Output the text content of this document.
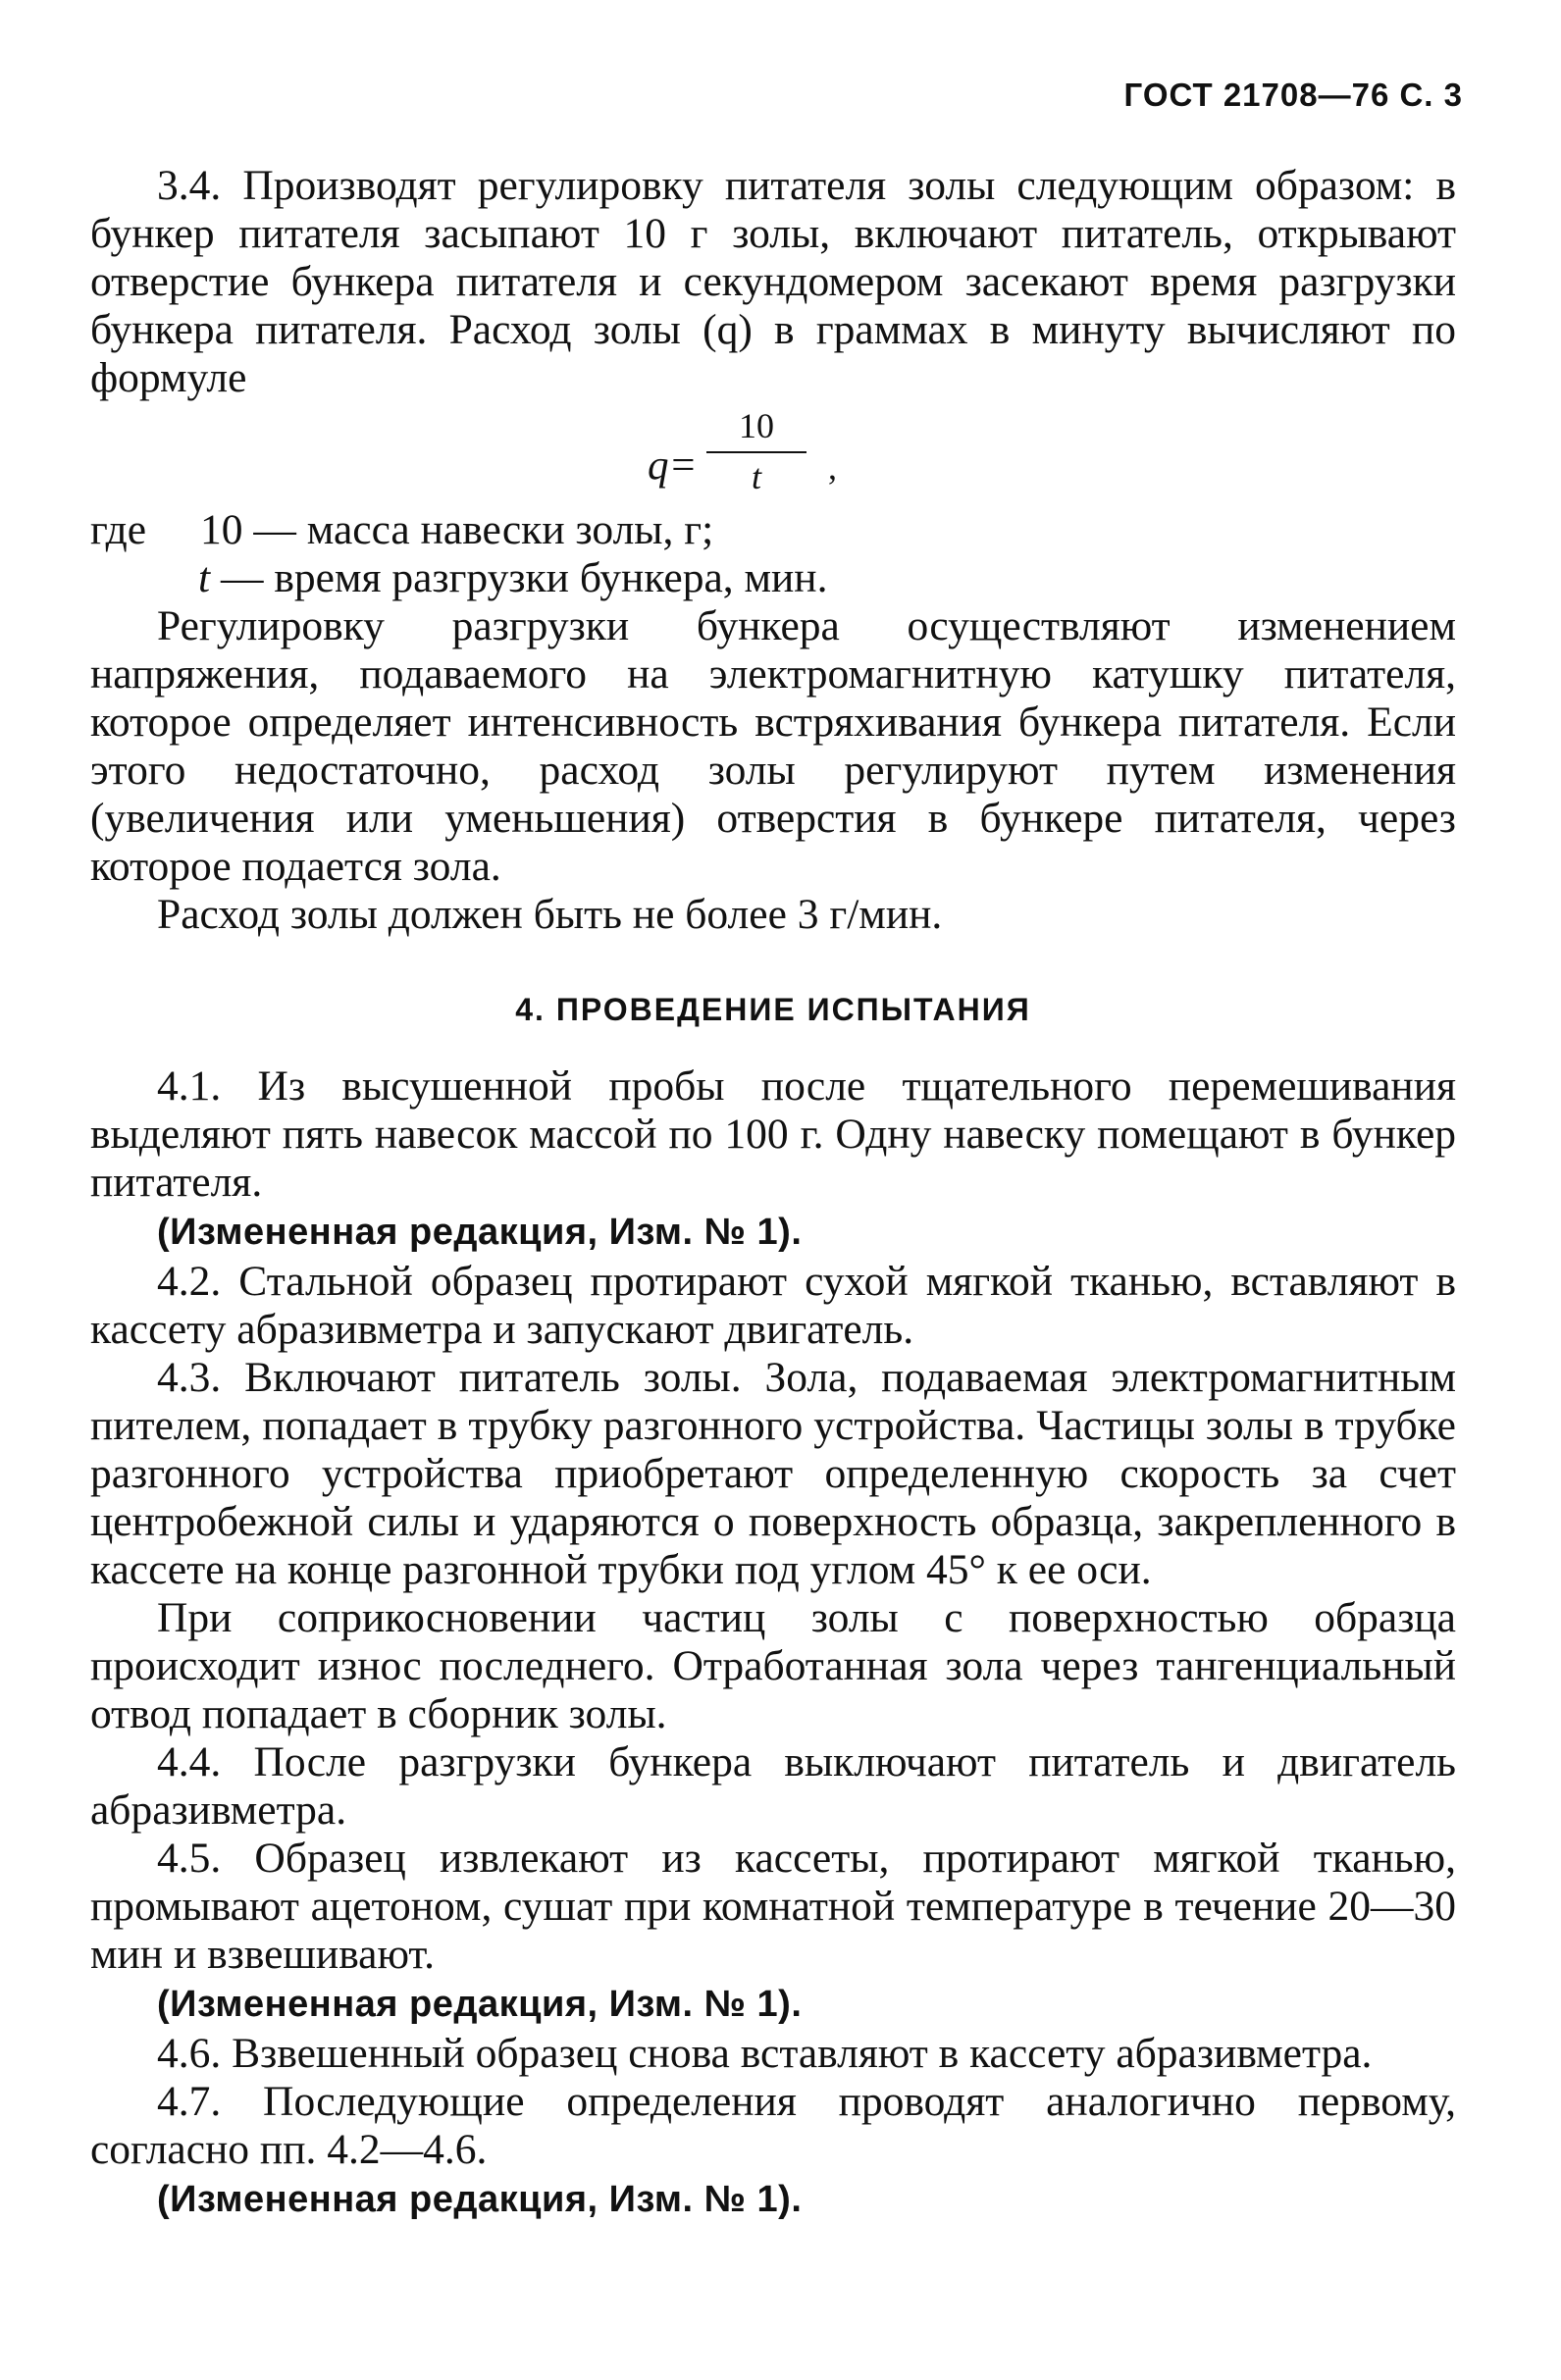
ГОСТ 21708—76 С. 3

3.4. Производят регулировку питателя золы следующим образом: в бункер питателя засыпают 10 г золы, включают питатель, открывают отверстие бункера питателя и секундомером засекают время разгрузки бункера питателя. Расход золы (q) в граммах в минуту вычисляют по формуле

q=
10
t	,

где 10 — масса навески золы, г;

t — время разгрузки бункера, мин.

Регулировку разгрузки бункера осуществляют изменением напряжения, подаваемого на электромагнитную катушку питателя, которое определяет интенсивность встряхивания бункера питателя. Если этого недостаточно, расход золы регулируют путем изменения (увеличения или уменьшения) отверстия в бункере питателя, через которое подается зола.

Расход золы должен быть не более 3 г/мин.

4. ПРОВЕДЕНИЕ ИСПЫТАНИЯ

4.1. Из высушенной пробы после тщательного перемешивания выделяют пять навесок массой по 100 г. Одну навеску помещают в бункер питателя.

(Измененная редакция, Изм. № 1).

4.2. Стальной образец протирают сухой мягкой тканью, вставляют в кассету абразивметра и запускают двигатель.

4.3. Включают питатель золы. Зола, подаваемая электромагнитным пителем, попадает в трубку разгонного устройства. Частицы золы в трубке разгонного устройства приобретают определенную скорость за счет центробежной силы и ударяются о поверхность образца, закрепленного в кассете на конце разгонной трубки под углом 45° к ее оси.

При соприкосновении частиц золы с поверхностью образца происходит износ последнего. Отработанная зола через тангенциальный отвод попадает в сборник золы.

4.4. После разгрузки бункера выключают питатель и двигатель абразивметра.

4.5. Образец извлекают из кассеты, протирают мягкой тканью, промывают ацетоном, сушат при комнатной температуре в течение 20—30 мин и взвешивают.

(Измененная редакция, Изм. № 1).

4.6. Взвешенный образец снова вставляют в кассету абразивметра.

4.7. Последующие определения проводят аналогично первому, согласно пп. 4.2—4.6.

(Измененная редакция, Изм. № 1).
